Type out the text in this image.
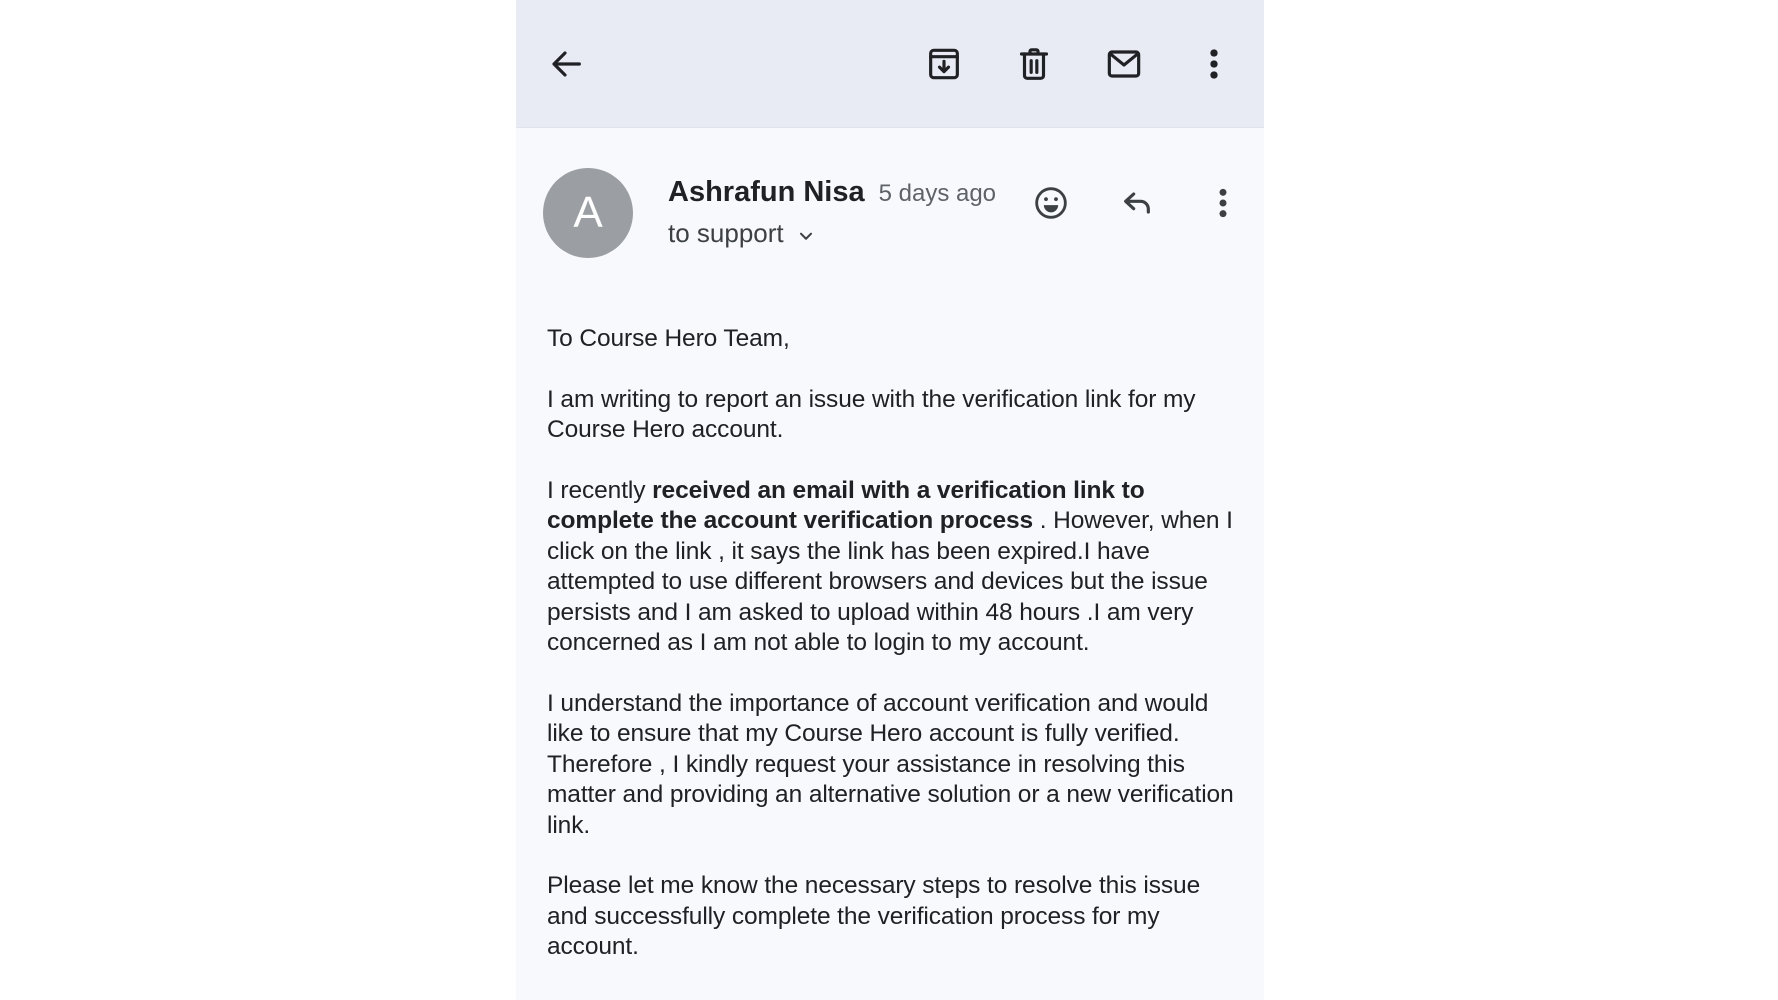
A	Ashrafun Nisa 5 days ago
to support

To Course Hero Team,

I am writing to report an issue with the verification link for my Course Hero account.

I recently received an email with a verification link to complete the account verification process . However, when I click on the link , it says the link has been expired.I have attempted to use different browsers and devices but the issue persists and I am asked to upload within 48 hours .I am very concerned as I am not able to login to my account.

I understand the importance of account verification and would like to ensure that my Course Hero account is fully verified. Therefore , I kindly request your assistance in resolving this matter and providing an alternative solution or a new verification link.

Please let me know the necessary steps to resolve this issue and successfully complete the verification process for my account.
